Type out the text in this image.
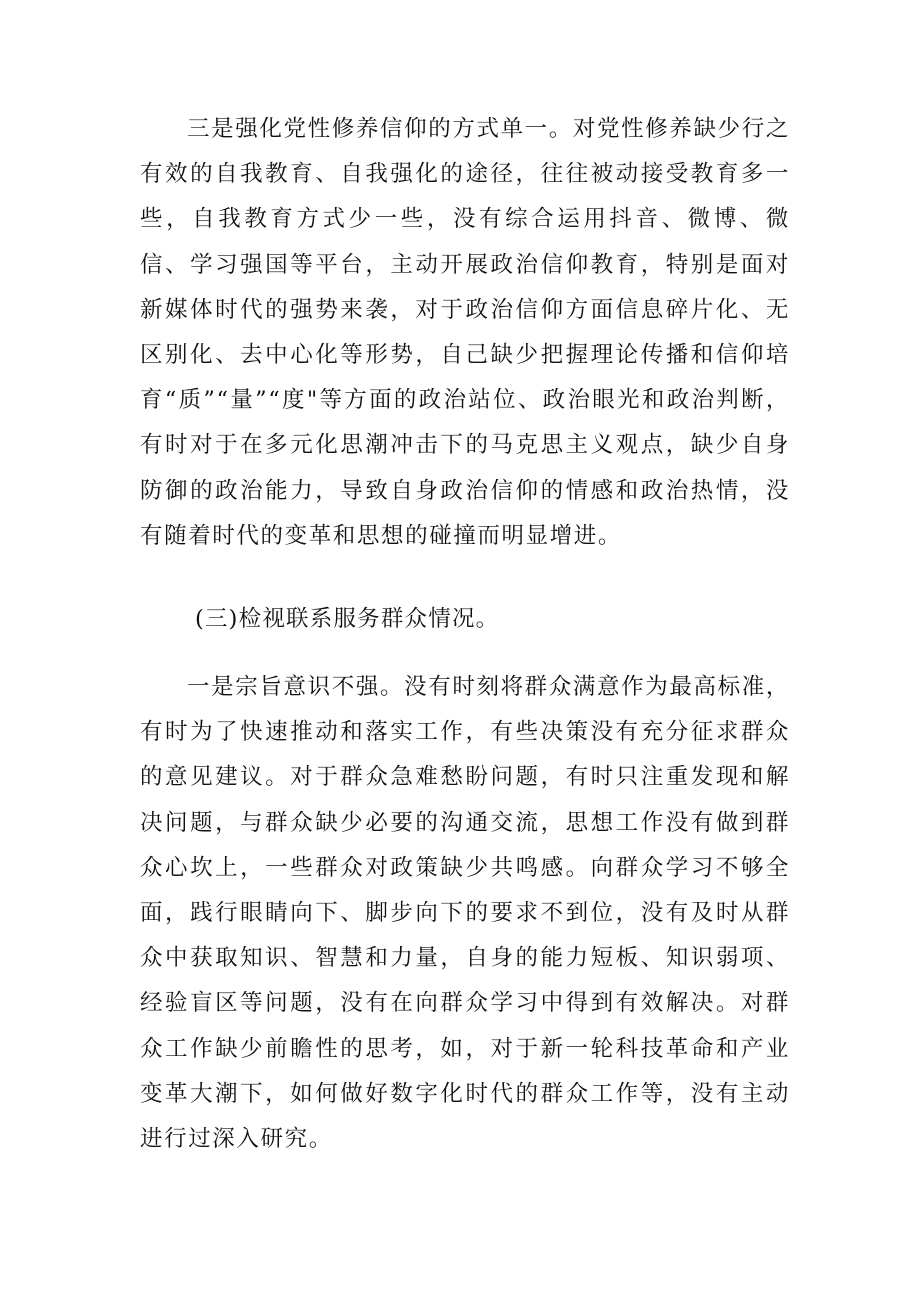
三是强化党性修养信仰的方式单一。对党性修养缺少行之有效的自我教育、自我强化的途径，往往被动接受教育多一些，自我教育方式少一些，没有综合运用抖音、微博、微信、学习强国等平台，主动开展政治信仰教育，特别是面对新媒体时代的强势来袭，对于政治信仰方面信息碎片化、无区别化、去中心化等形势，自己缺少把握理论传播和信仰培育“质”“量”“度"等方面的政治站位、政治眼光和政治判断，有时对于在多元化思潮冲击下的马克思主义观点，缺少自身防御的政治能力，导致自身政治信仰的情感和政治热情，没有随着时代的变革和思想的碰撞而明显增进。

(三)检视联系服务群众情况。

一是宗旨意识不强。没有时刻将群众满意作为最高标准，有时为了快速推动和落实工作，有些决策没有充分征求群众的意见建议。对于群众急难愁盼问题，有时只注重发现和解决问题，与群众缺少必要的沟通交流，思想工作没有做到群众心坎上，一些群众对政策缺少共鸣感。向群众学习不够全面，践行眼睛向下、脚步向下的要求不到位，没有及时从群众中获取知识、智慧和力量，自身的能力短板、知识弱项、经验盲区等问题，没有在向群众学习中得到有效解决。对群众工作缺少前瞻性的思考，如，对于新一轮科技革命和产业变革大潮下，如何做好数字化时代的群众工作等，没有主动进行过深入研究。
